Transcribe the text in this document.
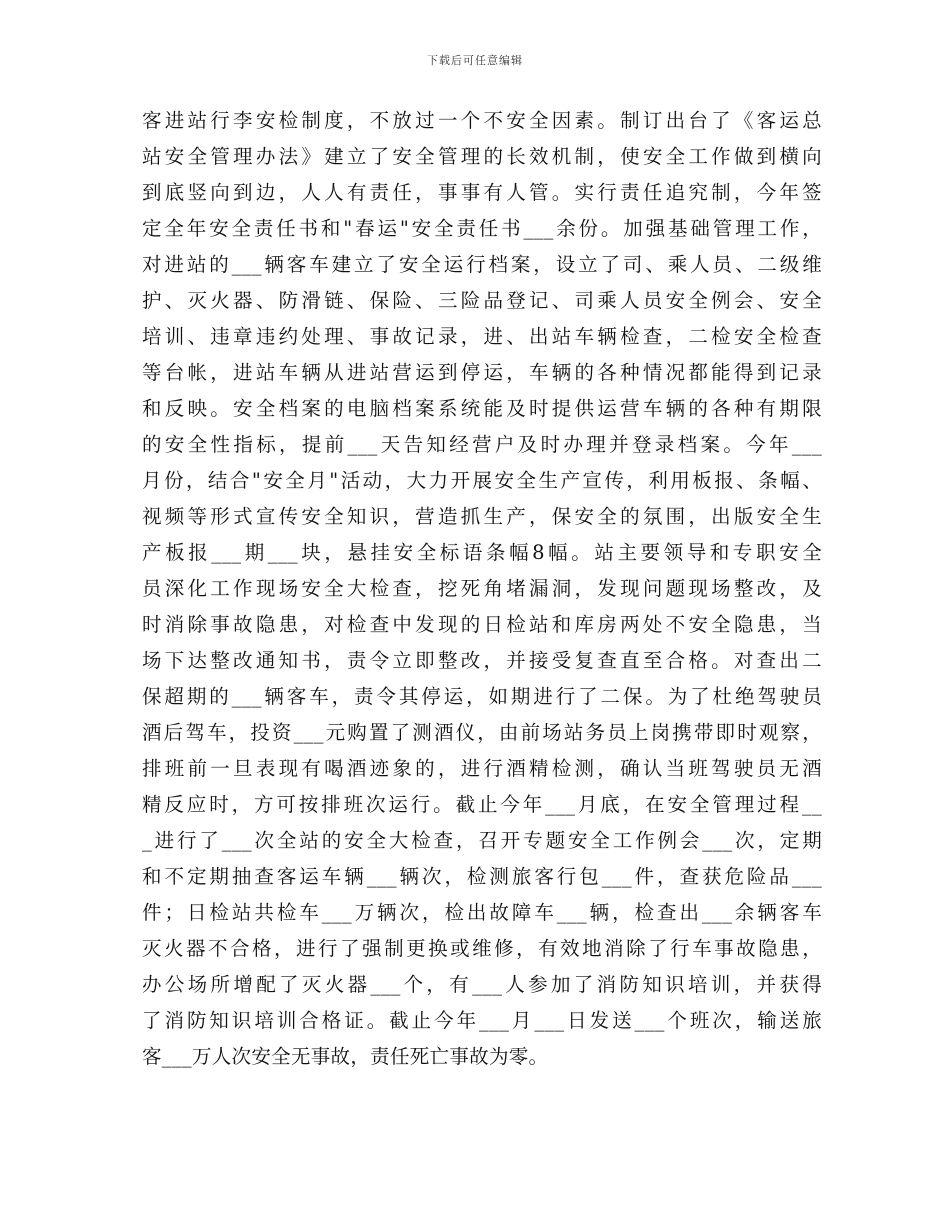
下载后可任意编辑
客进站行李安检制度，不放过一个不安全因素。制订出台了《客运总
站安全管理办法》建立了安全管理的长效机制，使安全工作做到横向
到底竖向到边，人人有责任，事事有人管。实行责任追究制，今年签
定全年安全责任书和"春运"安全责任书___余份。加强基础管理工作，
对进站的___辆客车建立了安全运行档案，设立了司、乘人员、二级维
护、灭火器、防滑链、保险、三险品登记、司乘人员安全例会、安全
培训、违章违约处理、事故记录，进、出站车辆检查，二检安全检查
等台帐，进站车辆从进站营运到停运，车辆的各种情况都能得到记录
和反映。安全档案的电脑档案系统能及时提供运营车辆的各种有期限
的安全性指标，提前___天告知经营户及时办理并登录档案。今年___
月份，结合"安全月"活动，大力开展安全生产宣传，利用板报、条幅、
视频等形式宣传安全知识，营造抓生产，保安全的氛围，出版安全生
产板报___期___块，悬挂安全标语条幅8幅。站主要领导和专职安全
员深化工作现场安全大检查，挖死角堵漏洞，发现问题现场整改，及
时消除事故隐患，对检查中发现的日检站和库房两处不安全隐患，当
场下达整改通知书，责令立即整改，并接受复查直至合格。对查出二
保超期的___辆客车，责令其停运，如期进行了二保。为了杜绝驾驶员
酒后驾车，投资___元购置了测酒仪，由前场站务员上岗携带即时观察，
排班前一旦表现有喝酒迹象的，进行酒精检测，确认当班驾驶员无酒
精反应时，方可按排班次运行。截止今年___月底，在安全管理过程__
_进行了___次全站的安全大检查，召开专题安全工作例会___次，定期
和不定期抽查客运车辆___辆次，检测旅客行包___件，查获危险品___
件；日检站共检车___万辆次，检出故障车___辆，检查出___余辆客车
灭火器不合格，进行了强制更换或维修，有效地消除了行车事故隐患，
办公场所增配了灭火器___个，有___人参加了消防知识培训，并获得
了消防知识培训合格证。截止今年___月___日发送___个班次，输送旅
客___万人次安全无事故，责任死亡事故为零。
